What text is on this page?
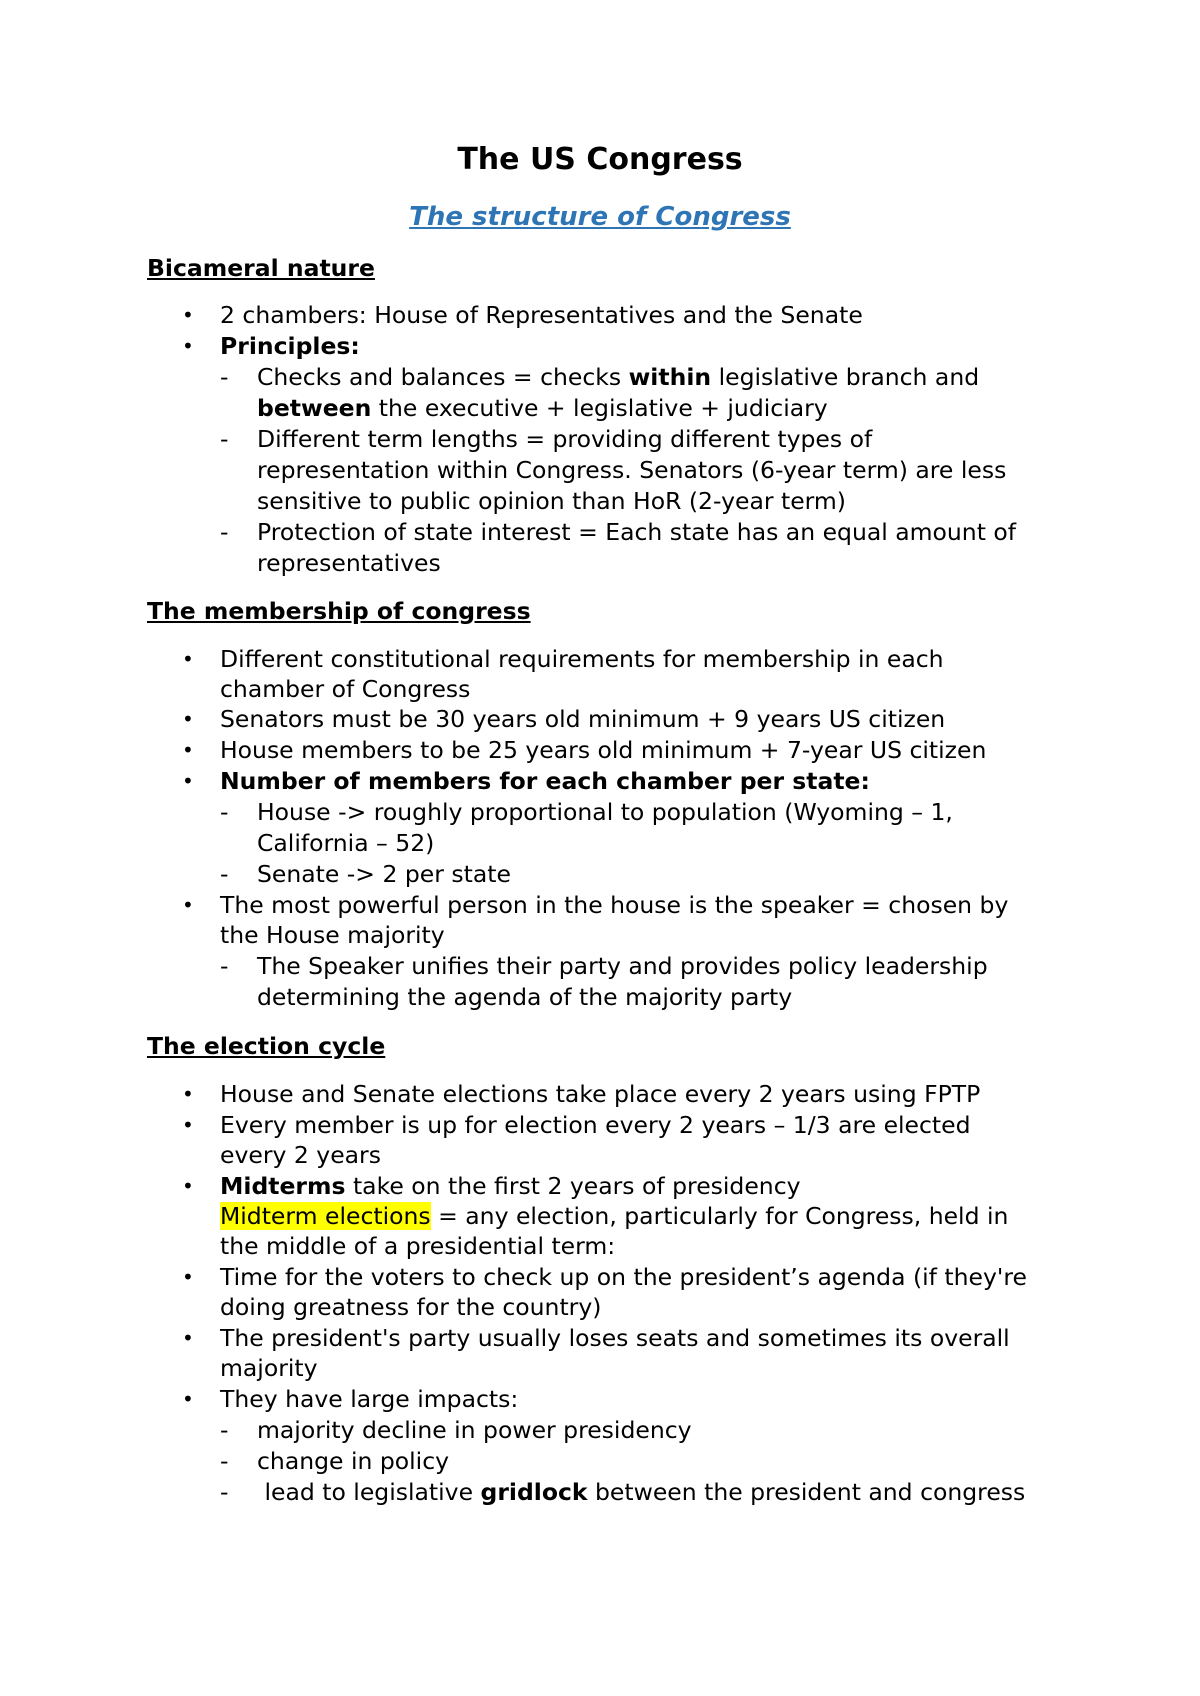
The US Congress
The structure of Congress
Bicameral nature
• 2 chambers: House of Representatives and the Senate
• Principles:
- Checks and balances = checks within legislative branch and
between the executive + legislative + judiciary
- Different term lengths = providing different types of
representation within Congress. Senators (6-year term) are less
sensitive to public opinion than HoR (2-year term)
- Protection of state interest = Each state has an equal amount of
representatives
The membership of congress
• Different constitutional requirements for membership in each
chamber of Congress
• Senators must be 30 years old minimum + 9 years US citizen
• House members to be 25 years old minimum + 7-year US citizen
• Number of members for each chamber per state:
- House -> roughly proportional to population (Wyoming – 1,
California – 52)
- Senate -> 2 per state
• The most powerful person in the house is the speaker = chosen by
the House majority
- The Speaker unifies their party and provides policy leadership
determining the agenda of the majority party
The election cycle
• House and Senate elections take place every 2 years using FPTP
• Every member is up for election every 2 years – 1/3 are elected
every 2 years
• Midterms take on the first 2 years of presidency
Midterm elections = any election, particularly for Congress, held in
the middle of a presidential term:
• Time for the voters to check up on the president’s agenda (if they're
doing greatness for the country)
• The president's party usually loses seats and sometimes its overall
majority
• They have large impacts:
- majority decline in power presidency
- change in policy
- lead to legislative gridlock between the president and congress
